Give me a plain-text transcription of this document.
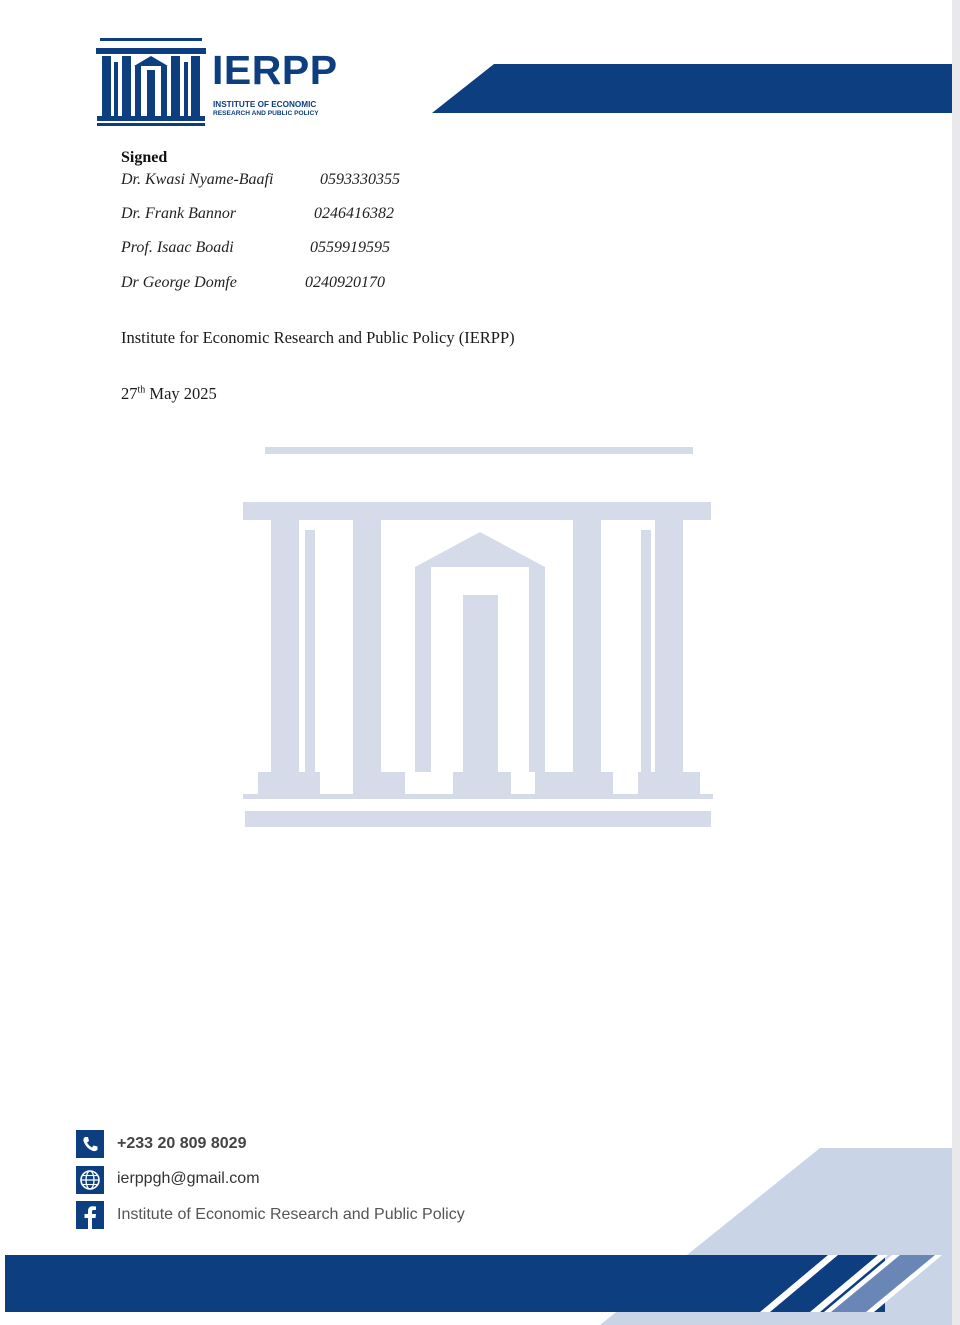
IERPP
INSTITUTE OF ECONOMIC
RESEARCH AND PUBLIC POLICY
Signed
Dr. Kwasi Nyame-Baafi	0593330355
Dr. Frank Bannor	0246416382
Prof. Isaac Boadi	0559919595
Dr George Domfe	0240920170
Institute for Economic Research and Public Policy (IERPP)
27th May 2025
+233 20 809 8029
ierppgh@gmail.com
Institute of Economic Research and Public Policy
